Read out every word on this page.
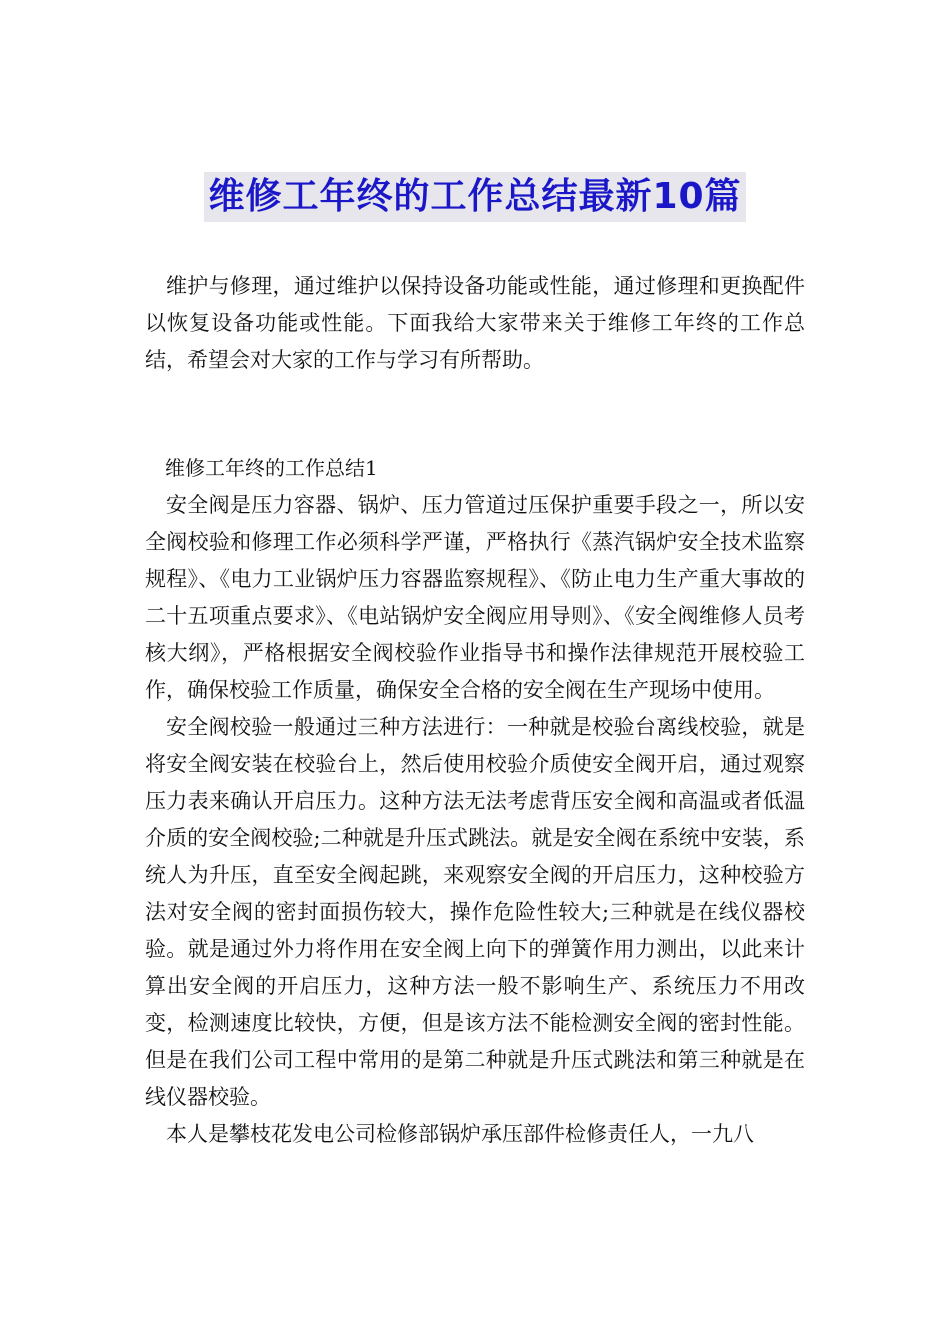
维修工年终的工作总结最新10篇

维护与修理，通过维护以保持设备功能或性能，通过修理和更换配件以恢复设备功能或性能。下面我给大家带来关于维修工年终的工作总结，希望会对大家的工作与学习有所帮助。

维修工年终的工作总结1

安全阀是压力容器、锅炉、压力管道过压保护重要手段之一，所以安全阀校验和修理工作必须科学严谨，严格执行《蒸汽锅炉安全技术监察规程》、《电力工业锅炉压力容器监察规程》、《防止电力生产重大事故的二十五项重点要求》、《电站锅炉安全阀应用导则》、《安全阀维修人员考核大纲》，严格根据安全阀校验作业指导书和操作法律规范开展校验工作，确保校验工作质量，确保安全合格的安全阀在生产现场中使用。

安全阀校验一般通过三种方法进行：一种就是校验台离线校验，就是将安全阀安装在校验台上，然后使用校验介质使安全阀开启，通过观察压力表来确认开启压力。这种方法无法考虑背压安全阀和高温或者低温介质的安全阀校验;二种就是升压式跳法。就是安全阀在系统中安装，系统人为升压，直至安全阀起跳，来观察安全阀的开启压力，这种校验方法对安全阀的密封面损伤较大，操作危险性较大;三种就是在线仪器校验。就是通过外力将作用在安全阀上向下的弹簧作用力测出，以此来计算出安全阀的开启压力，这种方法一般不影响生产、系统压力不用改变，检测速度比较快，方便，但是该方法不能检测安全阀的密封性能。但是在我们公司工程中常用的是第二种就是升压式跳法和第三种就是在线仪器校验。

本人是攀枝花发电公司检修部锅炉承压部件检修责任人，一九八
